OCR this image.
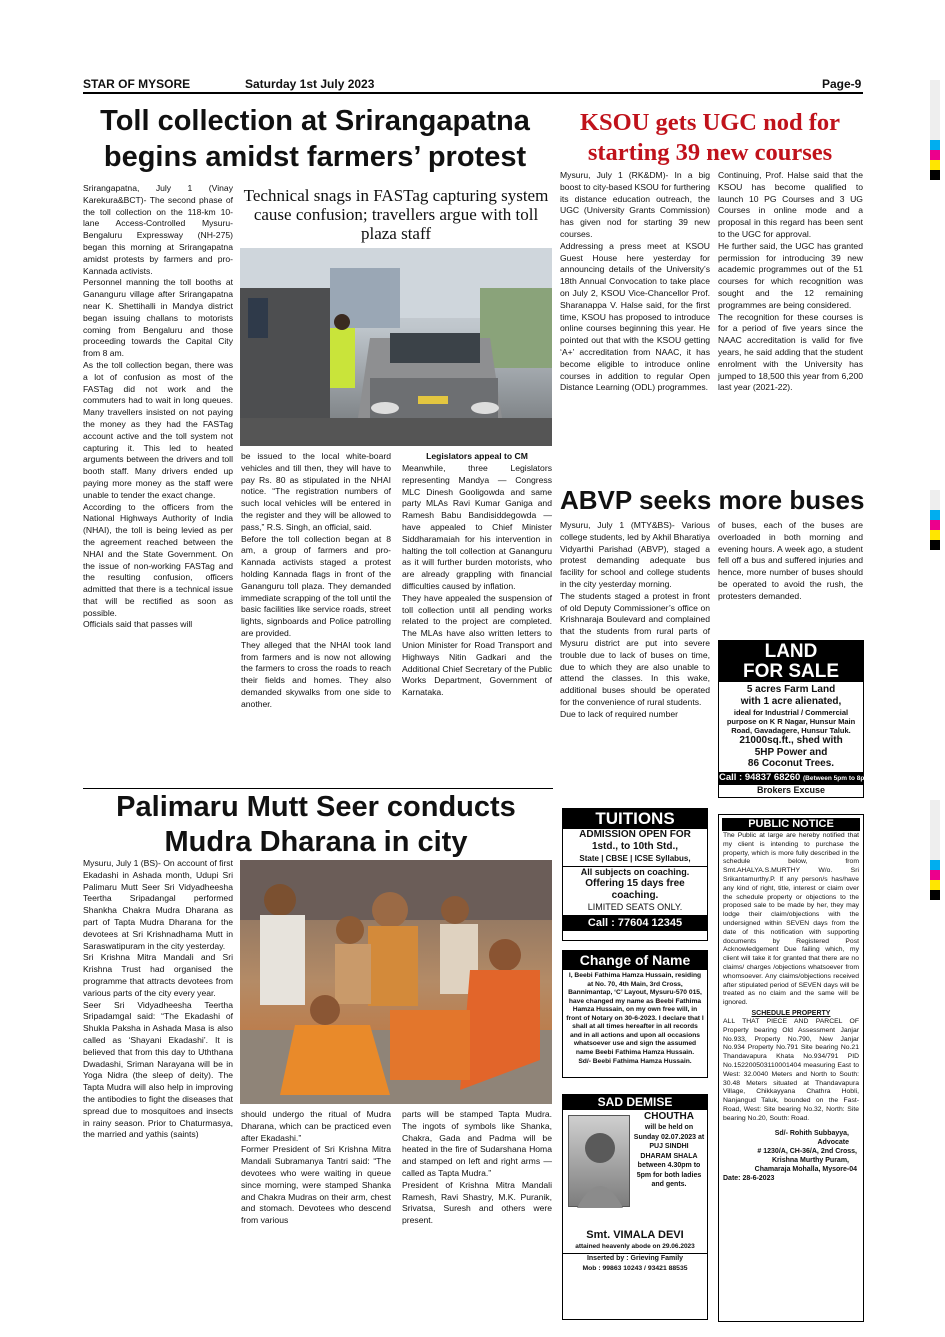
STAR OF MYSORE	Saturday 1st July 2023	Page-9
Toll collection at Srirangapatna begins amidst farmers’ protest
Technical snags in FASTag capturing system cause confusion; travellers argue with toll plaza staff
Srirangapatna, July 1 (Vinay Karekura&BCT)- The second phase of the toll collection on the 118-km 10-lane Access-Controlled Mysuru-Bengaluru Expressway (NH-275) began this morning at Srirangapatna amidst protests by farmers and pro-Kannada activists.
Personnel manning the toll booths at Gananguru village after Srirangapatna near K. Shettihalli in Mandya district began issuing challans to motorists coming from Bengaluru and those proceeding towards the Capital City from 8 am.
As the toll collection began, there was a lot of confusion as most of the FASTag did not work and the commuters had to wait in long queues. Many travellers insisted on not paying the money as they had the FASTag account active and the toll system not capturing it. This led to heated arguments between the drivers and toll booth staff. Many drivers ended up paying more money as the staff were unable to tender the exact change.
According to the officers from the National Highways Authority of India (NHAI), the toll is being levied as per the agreement reached between the NHAI and the State Government. On the issue of non-working FASTag and the resulting confusion, officers admitted that there is a technical issue that will be rectified as soon as possible.
Officials said that passes will
be issued to the local white-board vehicles and till then, they will have to pay Rs. 80 as stipulated in the NHAI notice. “The registration numbers of such local vehicles will be entered in the register and they will be allowed to pass,” R.S. Singh, an official, said.
Before the toll collection began at 8 am, a group of farmers and pro-Kannada activists staged a protest holding Kannada flags in front of the Gananguru toll plaza. They demanded immediate scrapping of the toll until the basic facilities like service roads, street lights, signboards and Police patrolling are provided.
They alleged that the NHAI took land from farmers and is now not allowing the farmers to cross the roads to reach their fields and homes. They also demanded skywalks from one side to another.
Legislators appeal to CM
Meanwhile, three Legislators representing Mandya — Congress MLC Dinesh Gooligowda and same party MLAs Ravi Kumar Ganiga and Ramesh Babu Bandisiddegowda — have appealed to Chief Minister Siddharamaiah for his intervention in halting the toll collection at Gananguru as it will further burden motorists, who are already grappling with financial difficulties caused by inflation.
They have appealed the suspension of toll collection until all pending works related to the project are completed. The MLAs have also written letters to Union Minister for Road Transport and Highways Nitin Gadkari and the Additional Chief Secretary of the Public Works Department, Government of Karnataka.
KSOU gets UGC nod for starting 39 new courses
Mysuru, July 1 (RK&DM)- In a big boost to city-based KSOU for furthering its distance education outreach, the UGC (University Grants Commission) has given nod for starting 39 new courses.
Addressing a press meet at KSOU Guest House here yesterday for announcing details of the University’s 18th Annual Convocation to take place on July 2, KSOU Vice-Chancellor Prof. Sharanappa V. Halse said, for the first time, KSOU has proposed to introduce online courses beginning this year. He pointed out that with the KSOU getting ‘A+’ accreditation from NAAC, it has become eligible to introduce online courses in addition to regular Open Distance Learning (ODL) programmes.
Continuing, Prof. Halse said that the KSOU has become qualified to launch 10 PG Courses and 3 UG Courses in online mode and a proposal in this regard has been sent to the UGC for approval.
He further said, the UGC has granted permission for introducing 39 new academic programmes out of the 51 courses for which recognition was sought and the 12 remaining programmes are being considered.
The recognition for these courses is for a period of five years since the NAAC accreditation is valid for five years, he said adding that the student enrolment with the University has jumped to 18,500 this year from 6,200 last year (2021-22).
ABVP seeks more buses
Mysuru, July 1 (MTY&BS)- Various college students, led by Akhil Bharatiya Vidyarthi Parishad (ABVP), staged a protest demanding adequate bus facility for school and college students in the city yesterday morning.
The students staged a protest in front of old Deputy Commissioner’s office on Krishnaraja Boulevard and complained that the students from rural parts of Mysuru district are put into severe trouble due to lack of buses on time, due to which they are also unable to attend the classes. In this wake, additional buses should be operated for the convenience of rural students.
Due to lack of required number
of buses, each of the buses are overloaded in both morning and evening hours. A week ago, a student fell off a bus and suffered injuries and hence, more number of buses should be operated to avoid the rush, the protesters demanded.
LAND
FOR SALE
5 acres Farm Land
with 1 acre alienated,
ideal for Industrial / Commercial purpose on K R Nagar, Hunsur Main Road, Gavadagere, Hunsur Taluk.
21000sq.ft., shed with
5HP Power and
86 Coconut Trees.
Call : 94837 68260 (Between 5pm to 8pm)
Brokers Excuse
Palimaru Mutt Seer conducts Mudra Dharana in city
Mysuru, July 1 (BS)- On account of first Ekadashi in Ashada month, Udupi Sri Palimaru Mutt Seer Sri Vidyadheesha Teertha Sripadangal performed Shankha Chakra Mudra Dharana as part of Tapta Mudra Dharana for the devotees at Sri Krishnadhama Mutt in Saraswatipuram in the city yesterday.
Sri Krishna Mitra Mandali and Sri Krishna Trust had organised the programme that attracts devotees from various parts of the city every year.
Seer Sri Vidyadheesha Teertha Sripadamgal said: “The Ekadashi of Shukla Paksha in Ashada Masa is also called as ‘Shayani Ekadashi’. It is believed that from this day to Uththana Dwadashi, Sriman Narayana will be in Yoga Nidra (the sleep of deity). The Tapta Mudra will also help in improving the antibodies to fight the diseases that spread due to mosquitoes and insects in rainy season. Prior to Chaturmasya, the married and yathis (saints)
should undergo the ritual of Mudra Dharana, which can be practiced even after Ekadashi.”
Former President of Sri Krishna Mitra Mandali Subramanya Tantri said: “The devotees who were waiting in queue since morning, were stamped Shanka and Chakra Mudras on their arm, chest and stomach. Devotees who descend from various
parts will be stamped Tapta Mudra. The ingots of symbols like Shanka, Chakra, Gada and Padma will be heated in the fire of Sudarshana Homa and stamped on left and right arms — called as Tapta Mudra.”
President of Krishna Mitra Mandali Ramesh, Ravi Shastry, M.K. Puranik, Srivatsa, Suresh and others were present.
TUITIONS
ADMISSION OPEN FOR
1std., to 10th Std.,
State | CBSE | ICSE Syllabus,
All subjects on coaching.
Offering 15 days free
coaching.
LIMITED SEATS ONLY.
Call : 77604 12345
Change of Name
I, Beebi Fathima Hamza Hussain, residing at No. 70, 4th Main, 3rd Cross, Bannimantap, ‘C’ Layout, Mysuru-570 015, have changed my name as Beebi Fathima Hamza Hussain, on my own free will, in front of Notary on 30-6-2023. I declare that I shall at all times hereafter in all records and in all actions and upon all occasions whatsoever use and sign the assumed name Beebi Fathima Hamza Hussain.
Sd/- Beebi Fathima Hamza Hussain.
SAD DEMISE
CHOUTHA
will be held on Sunday 02.07.2023 at PUJ SINDHI DHARAM SHALA between 4.30pm to 5pm for both ladies and gents.
Smt. VIMALA DEVI
attained heavenly abode on 29.06.2023
Inserted by : Grieving Family
Mob : 99863 10243 / 93421 88535
PUBLIC NOTICE
The Public at large are hereby notified that my client is intending to purchase the property, which is more fully described in the schedule below, from Smt.AHALYA.S.MURTHY W/o. Sri Srikantamurthy.P. If any person/s has/have any kind of right, title, interest or claim over the schedule property or objections to the proposed sale to be made by her, they may lodge their claim/objections with the undersigned within SEVEN days from the date of this notification with supporting documents by Registered Post Acknowledgement Due failing which, my client will take it for granted that there are no claims/ charges /objections whatsoever from whomsoever. Any claims/objections received after stipulated period of SEVEN days will be treated as no claim and the same will be ignored.
SCHEDULE PROPERTY
ALL THAT PIECE AND PARCEL OF Property bearing Old Assessment Janjar No.933, Property No.790, New Janjar No.934 Property No.791 Site bearing No.21 Thandavapura Khata No.934/791 PID No.152200503110001404 measuring East to West: 32.0040 Meters and North to South: 30.48 Meters situated at Thandavapura Village, Chikkayyana Chathra Hobli, Nanjangud Taluk, bounded on the Fast-Road, West: Site bearing No.32, North: Site bearing No.20, South: Road.
Sd/- Rohith Subbayya,
Advocate
# 1230/A, CH-36/A, 2nd Cross,
Krishna Murthy Puram,
Chamaraja Mohalla, Mysore-04
Date: 28-6-2023
